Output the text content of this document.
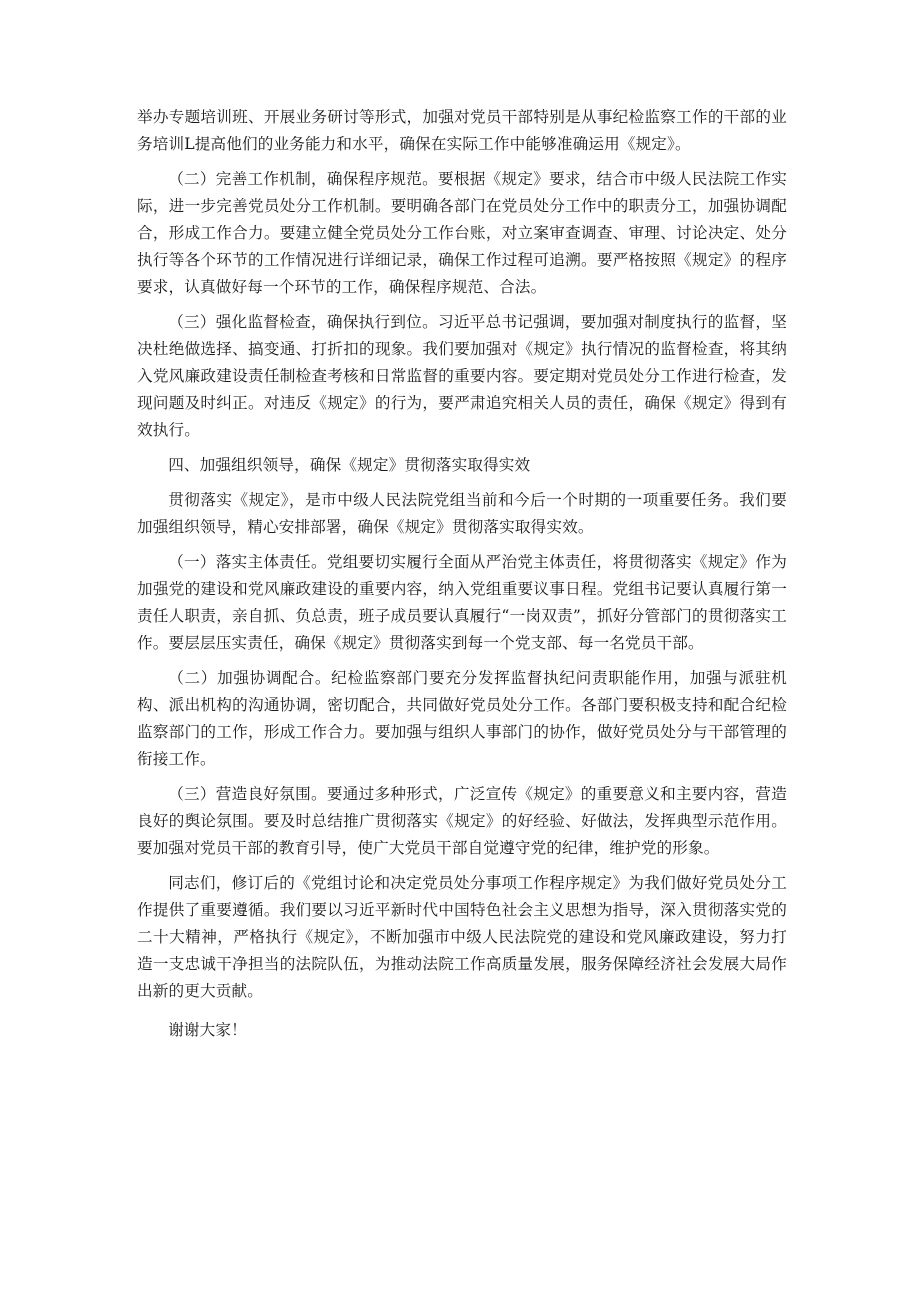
举办专题培训班、开展业务研讨等形式，加强对党员干部特别是从事纪检监察工作的干部的业务培训L提高他们的业务能力和水平，确保在实际工作中能够准确运用《规定》。

（二）完善工作机制，确保程序规范。要根据《规定》要求，结合市中级人民法院工作实际，进一步完善党员处分工作机制。要明确各部门在党员处分工作中的职责分工，加强协调配合，形成工作合力。要建立健全党员处分工作台账，对立案审查调查、审理、讨论决定、处分执行等各个环节的工作情况进行详细记录，确保工作过程可追溯。要严格按照《规定》的程序要求，认真做好每一个环节的工作，确保程序规范、合法。

（三）强化监督检查，确保执行到位。习近平总书记强调，要加强对制度执行的监督，坚决杜绝做选择、搞变通、打折扣的现象。我们要加强对《规定》执行情况的监督检查，将其纳入党风廉政建设责任制检查考核和日常监督的重要内容。要定期对党员处分工作进行检查，发现问题及时纠正。对违反《规定》的行为，要严肃追究相关人员的责任，确保《规定》得到有效执行。

四、加强组织领导，确保《规定》贯彻落实取得实效

贯彻落实《规定》，是市中级人民法院党组当前和今后一个时期的一项重要任务。我们要加强组织领导，精心安排部署，确保《规定》贯彻落实取得实效。

（一）落实主体责任。党组要切实履行全面从严治党主体责任，将贯彻落实《规定》作为加强党的建设和党风廉政建设的重要内容，纳入党组重要议事日程。党组书记要认真履行第一责任人职责，亲自抓、负总责，班子成员要认真履行“一岗双责”，抓好分管部门的贯彻落实工作。要层层压实责任，确保《规定》贯彻落实到每一个党支部、每一名党员干部。

（二）加强协调配合。纪检监察部门要充分发挥监督执纪问责职能作用，加强与派驻机构、派出机构的沟通协调，密切配合，共同做好党员处分工作。各部门要积极支持和配合纪检监察部门的工作，形成工作合力。要加强与组织人事部门的协作，做好党员处分与干部管理的衔接工作。

（三）营造良好氛围。要通过多种形式，广泛宣传《规定》的重要意义和主要内容，营造良好的舆论氛围。要及时总结推广贯彻落实《规定》的好经验、好做法，发挥典型示范作用。要加强对党员干部的教育引导，使广大党员干部自觉遵守党的纪律，维护党的形象。

同志们，修订后的《党组讨论和决定党员处分事项工作程序规定》为我们做好党员处分工作提供了重要遵循。我们要以习近平新时代中国特色社会主义思想为指导，深入贯彻落实党的二十大精神，严格执行《规定》，不断加强市中级人民法院党的建设和党风廉政建设，努力打造一支忠诚干净担当的法院队伍，为推动法院工作高质量发展，服务保障经济社会发展大局作出新的更大贡献。

谢谢大家！
